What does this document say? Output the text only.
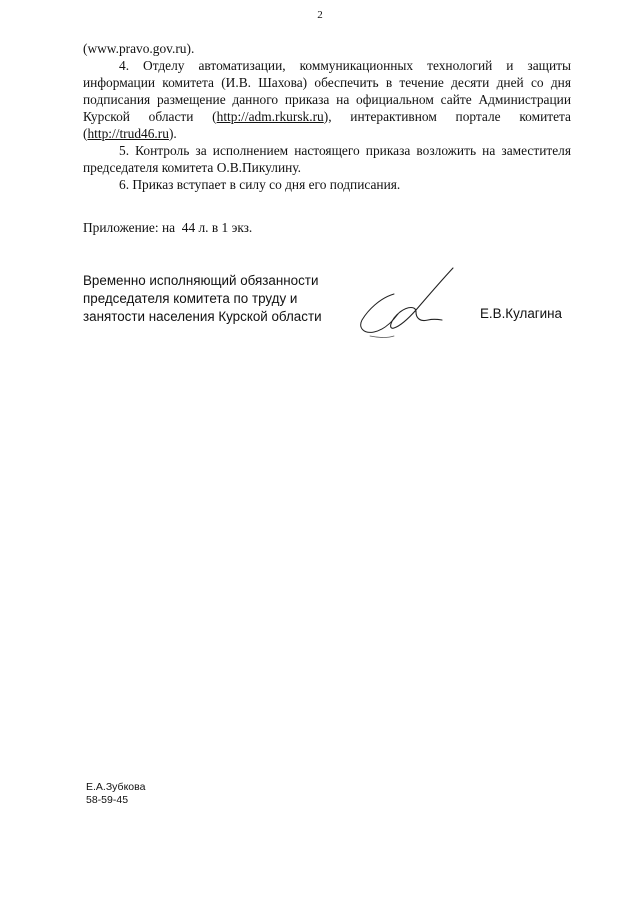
2

(www.pravo.gov.ru).

4. Отделу автоматизации, коммуникационных технологий и защиты информации комитета (И.В. Шахова) обеспечить в течение десяти дней со дня подписания размещение данного приказа на официальном сайте Администрации Курской области (http://adm.rkursk.ru), интерактивном портале комитета (http://trud46.ru).

5. Контроль за исполнением настоящего приказа возложить на заместителя председателя комитета О.В.Пикулину.

6. Приказ вступает в силу со дня его подписания.

Приложение: на  44 л. в 1 экз.
Временно исполняющий обязанности
председателя комитета по труду и
занятости населения Курской области	Е.В.Кулагина
Е.А.Зубкова
58-59-45
